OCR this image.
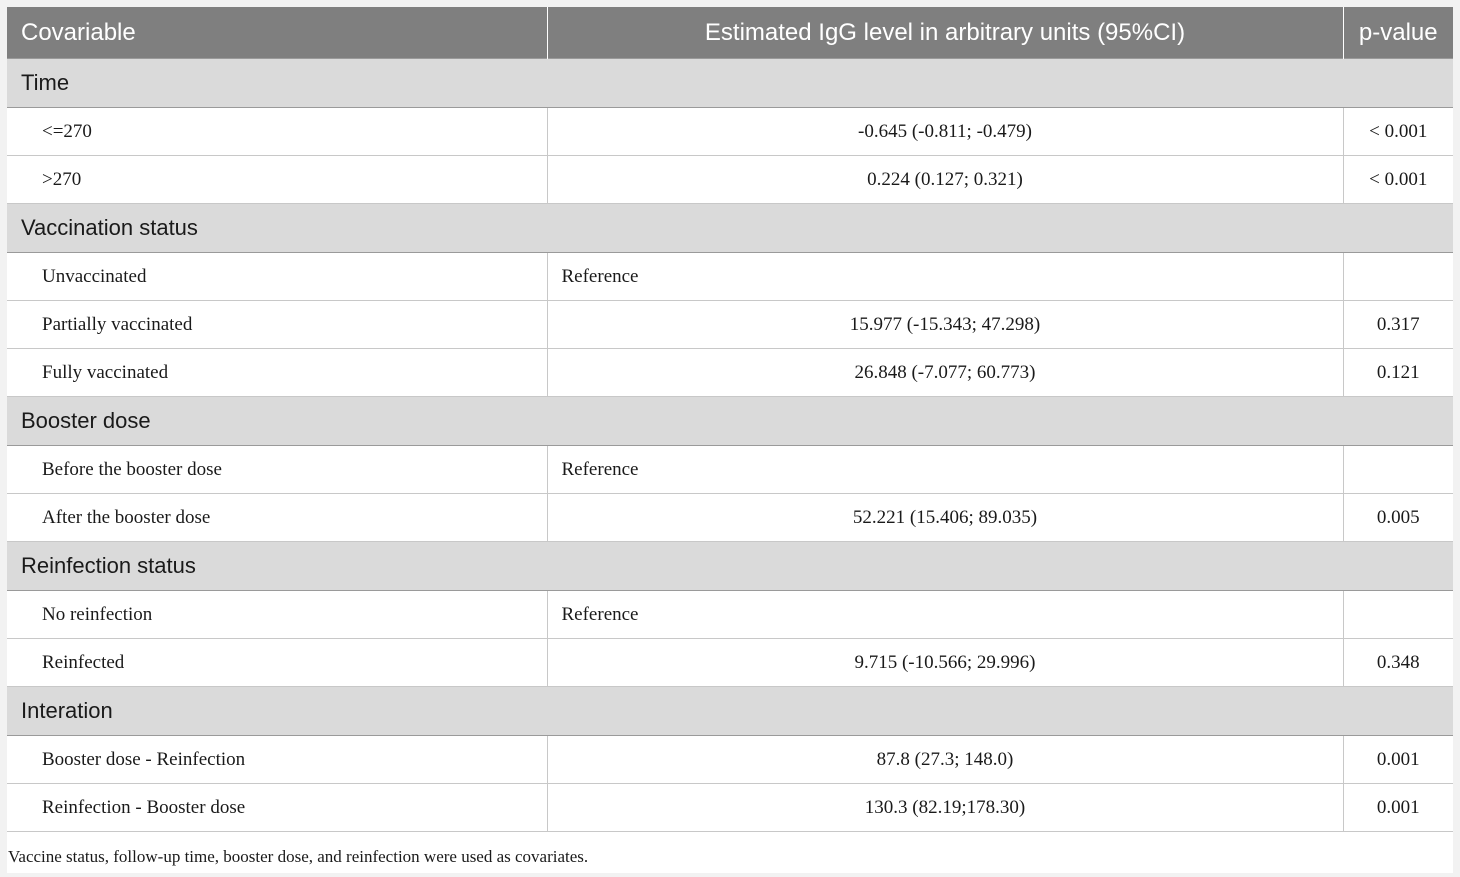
Covariable	Estimated IgG level in arbitrary units (95%CI)	p-value
Time		
<=270	-0.645 (-0.811; -0.479)	< 0.001
>270	0.224 (0.127; 0.321)	< 0.001
Vaccination status		
Unvaccinated	Reference	
Partially vaccinated	15.977 (-15.343; 47.298)	0.317
Fully vaccinated	26.848 (-7.077; 60.773)	0.121
Booster dose		
Before the booster dose	Reference	
After the booster dose	52.221 (15.406; 89.035)	0.005
Reinfection status		
No reinfection	Reference	
Reinfected	9.715 (-10.566; 29.996)	0.348
Interation		
Booster dose - Reinfection	87.8 (27.3; 148.0)	0.001
Reinfection - Booster dose	130.3 (82.19;178.30)	0.001
Vaccine status, follow-up time, booster dose, and reinfection were used as covariates.
